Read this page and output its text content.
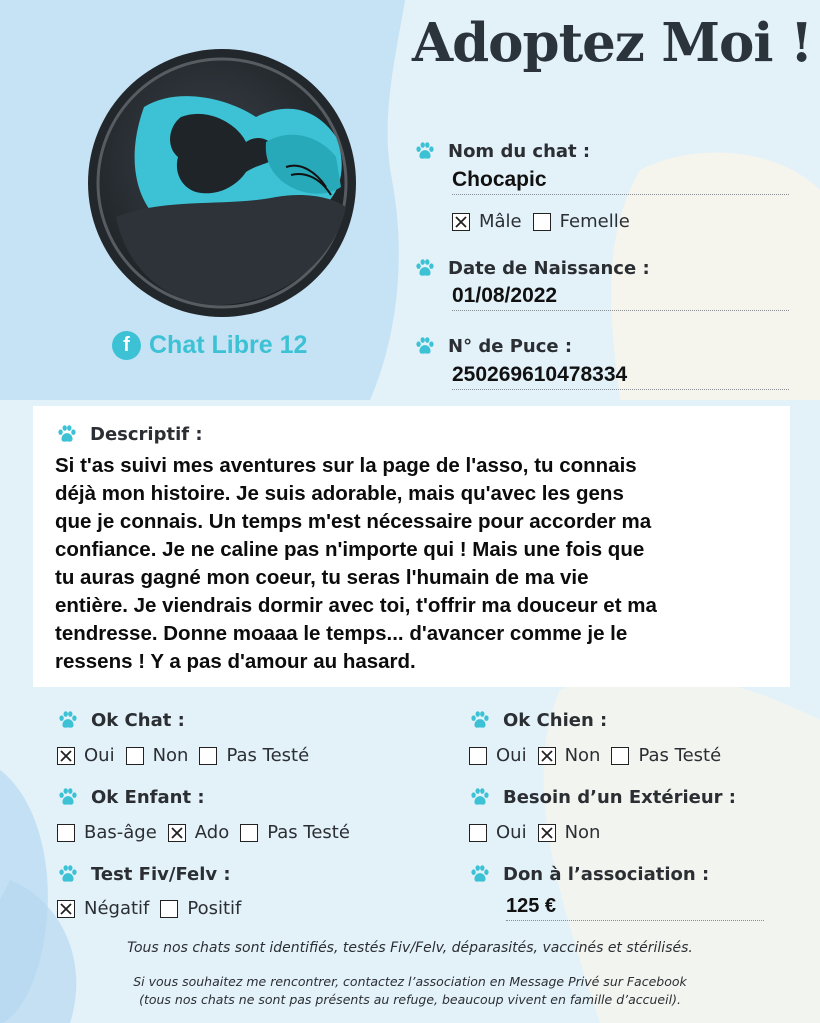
Adoptez Moi !
f Chat Libre 12
Nom du chat :
Chocapic
Mâle Femelle
Date de Naissance :
01/08/2022
N° de Puce :
250269610478334
Descriptif :
Si t'as suivi mes aventures sur la page de l'asso, tu connais
déjà mon histoire. Je suis adorable, mais qu'avec les gens
que je connais. Un temps m'est nécessaire pour accorder ma
confiance. Je ne caline pas n'importe qui ! Mais une fois que
tu auras gagné mon coeur, tu seras l'humain de ma vie
entière. Je viendrais dormir avec toi, t'offrir ma douceur et ma
tendresse. Donne moaaa le temps... d'avancer comme je le
ressens ! Y a pas d'amour au hasard.
Ok Chat :
Oui Non Pas Testé
Ok Chien :
Oui Non Pas Testé
Ok Enfant :
Bas-âge Ado Pas Testé
Besoin d’un Extérieur :
Oui Non
Test Fiv/Felv :
Négatif Positif
Don à l’association :
125 €
Tous nos chats sont identifiés, testés Fiv/Felv, déparasités, vaccinés et stérilisés.
Si vous souhaitez me rencontrer, contactez l’association en Message Privé sur Facebook
(tous nos chats ne sont pas présents au refuge, beaucoup vivent en famille d’accueil).
